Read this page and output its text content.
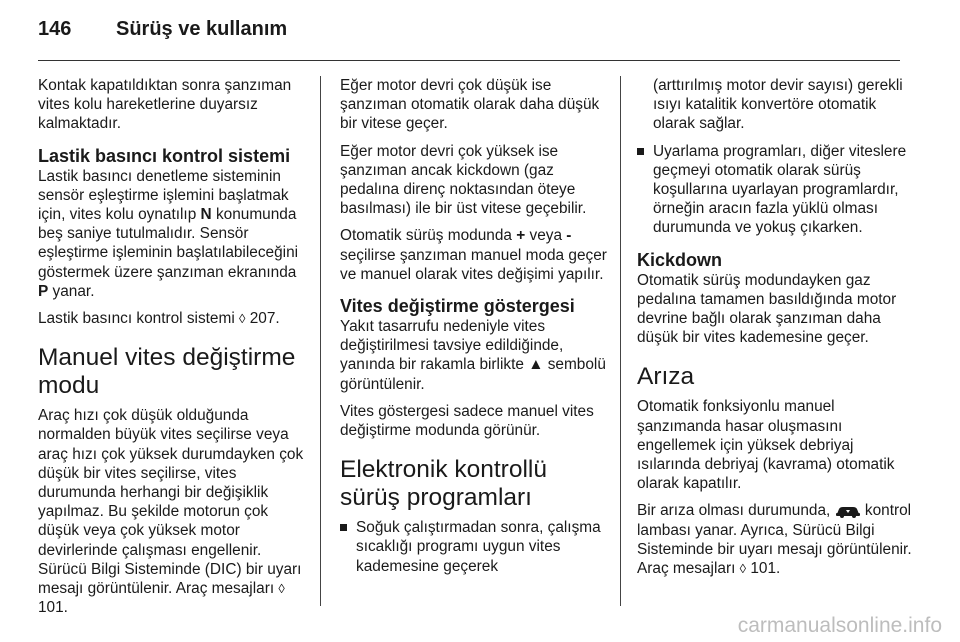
146	Sürüş ve kullanım

Kontak kapatıldıktan sonra şanzıman vites kolu hareketlerine duyarsız kalmaktadır.

Lastik basıncı kontrol sistemi

Lastik basıncı denetleme sisteminin sensör eşleştirme işlemini başlatmak için, vites kolu oynatılıp N konumunda beş saniye tutulmalıdır. Sensör eşleştirme işleminin başlatılabileceğini göstermek üzere şanzıman ekranında P yanar.

Lastik basıncı kontrol sistemi ◊ 207.

Manuel vites değiştirme modu

Araç hızı çok düşük olduğunda normalden büyük vites seçilirse veya araç hızı çok yüksek durumdayken çok düşük bir vites seçilirse, vites durumunda herhangi bir değişiklik yapılmaz. Bu şekilde motorun çok düşük veya çok yüksek motor devirlerinde çalışması engellenir. Sürücü Bilgi Sisteminde (DIC) bir uyarı mesajı görüntülenir. Araç mesajları ◊ 101.

Eğer motor devri çok düşük ise şanzıman otomatik olarak daha düşük bir vitese geçer.

Eğer motor devri çok yüksek ise şanzıman ancak kickdown (gaz pedalına direnç noktasından öteye basılması) ile bir üst vitese geçebilir.

Otomatik sürüş modunda + veya - seçilirse şanzıman manuel moda geçer ve manuel olarak vites değişimi yapılır.

Vites değiştirme göstergesi

Yakıt tasarrufu nedeniyle vites değiştirilmesi tavsiye edildiğinde, yanında bir rakamla birlikte ▲ sembolü görüntülenir.

Vites göstergesi sadece manuel vites değiştirme modunda görünür.

Elektronik kontrollü sürüş programları
Soğuk çalıştırmadan sonra, çalışma sıcaklığı programı uygun vites kademesine geçerek

(arttırılmış motor devir sayısı) gerekli ısıyı katalitik konvertöre otomatik olarak sağlar.

Uyarlama programları, diğer viteslere geçmeyi otomatik olarak sürüş koşullarına uyarlayan programlardır, örneğin aracın fazla yüklü olması durumunda ve yokuş çıkarken.
Kickdown

Otomatik sürüş modundayken gaz pedalına tamamen basıldığında motor devrine bağlı olarak şanzıman daha düşük bir vites kademesine geçer.

Arıza

Otomatik fonksiyonlu manuel şanzımanda hasar oluşmasını engellemek için yüksek debriyaj ısılarında debriyaj (kavrama) otomatik olarak kapatılır.

Bir arıza olması durumunda,  kontrol lambası yanar. Ayrıca, Sürücü Bilgi Sisteminde bir uyarı mesajı görüntülenir. Araç mesajları ◊ 101.

carmanualsonline.info
